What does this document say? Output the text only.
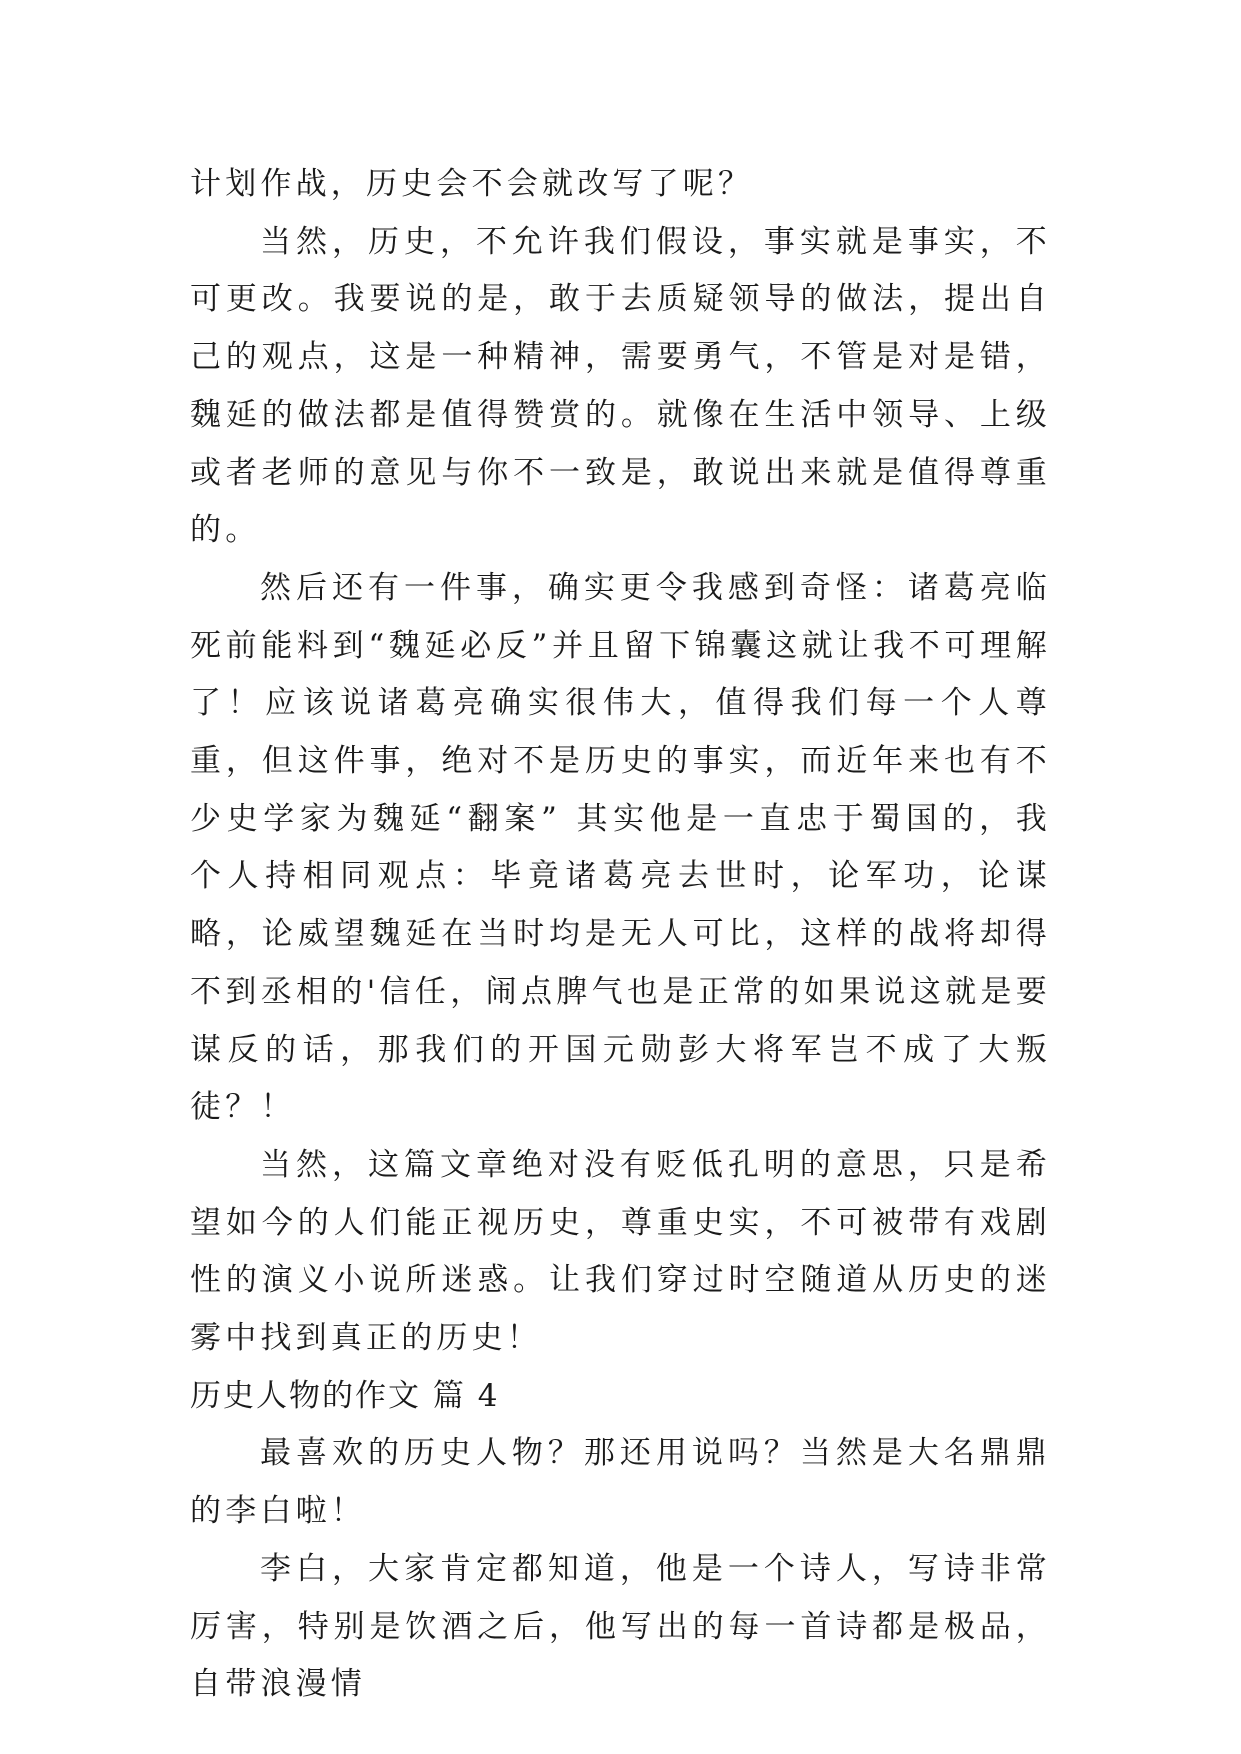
计划作战，历史会不会就改写了呢？

当然，历史，不允许我们假设，事实就是事实，不可更改。我要说的是，敢于去质疑领导的做法，提出自己的观点，这是一种精神，需要勇气，不管是对是错，魏延的做法都是值得赞赏的。就像在生活中领导、上级或者老师的意见与你不一致是，敢说出来就是值得尊重的。

然后还有一件事，确实更令我感到奇怪：诸葛亮临死前能料到“魏延必反”并且留下锦囊这就让我不可理解了！应该说诸葛亮确实很伟大，值得我们每一个人尊重，但这件事，绝对不是历史的事实，而近年来也有不少史学家为魏延“翻案” 其实他是一直忠于蜀国的，我个人持相同观点：毕竟诸葛亮去世时，论军功，论谋略，论威望魏延在当时均是无人可比，这样的战将却得不到丞相的'信任，闹点脾气也是正常的如果说这就是要谋反的话，那我们的开国元勋彭大将军岂不成了大叛徒？！

当然，这篇文章绝对没有贬低孔明的意思，只是希望如今的人们能正视历史，尊重史实，不可被带有戏剧性的演义小说所迷惑。让我们穿过时空随道从历史的迷雾中找到真正的历史！

历史人物的作文 篇 4

最喜欢的历史人物？那还用说吗？当然是大名鼎鼎的李白啦！

李白，大家肯定都知道，他是一个诗人，写诗非常厉害，特别是饮酒之后，他写出的每一首诗都是极品，自带浪漫情
